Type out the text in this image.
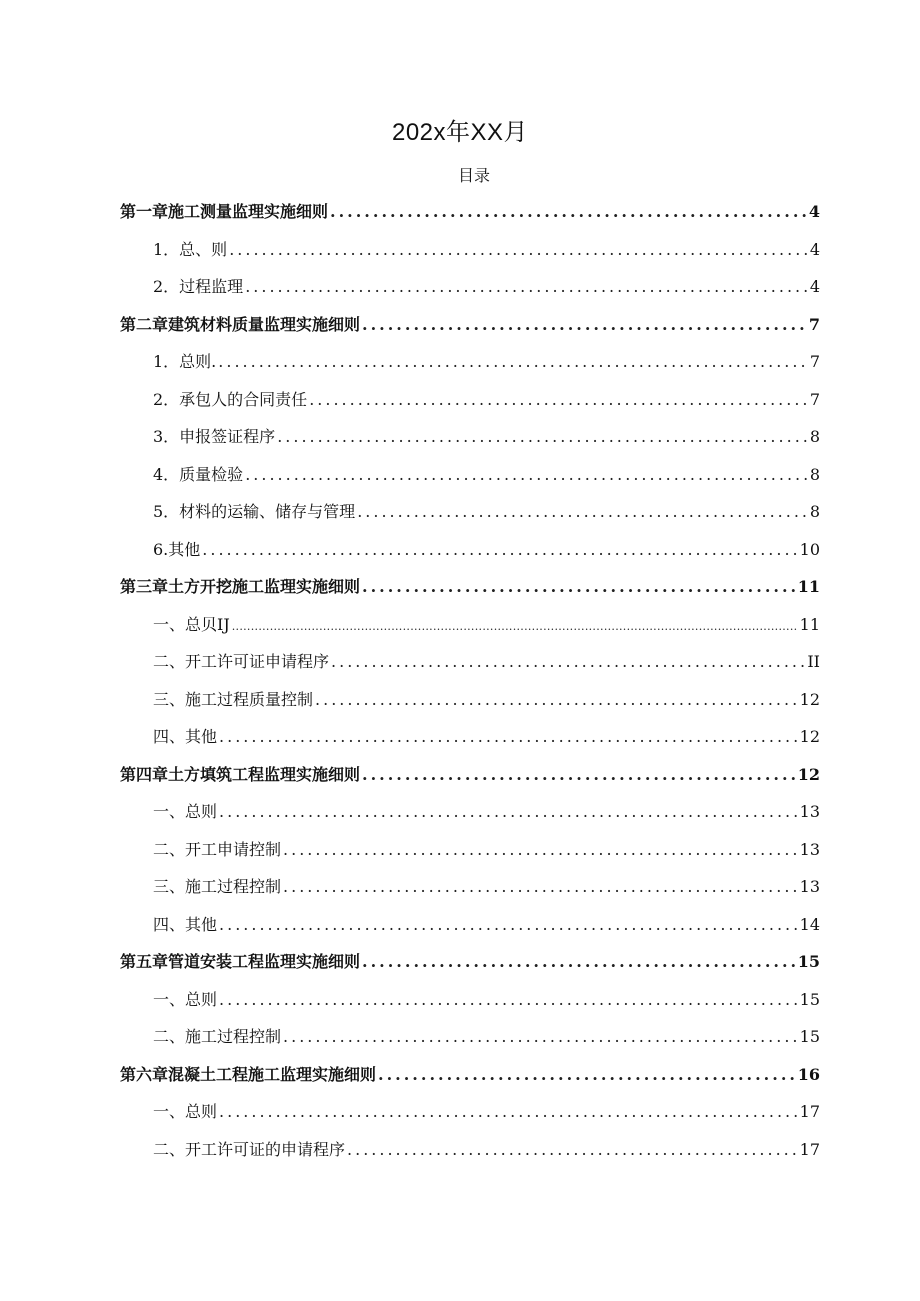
202x年XX月
目录
第一章施工测量监理实施细则 .....	4
1．总、则 .....	4
2．过程监理 .....	4
第二章建筑材料质量监理实施细则 .....	7
1．总则. .....	7
2．承包人的合同责任 .....	7
3．申报签证程序 .....	8
4．质量检验 .....	8
5．材料的运输、储存与管理 .....	8
6.其他 .....	10
第三章土方开挖施工监理实施细则 .....	11
一、总贝IJ .....	11
二、开工许可证申请程序 .....	II
三、施工过程质量控制 .....	12
四、其他 .....	12
第四章土方填筑工程监理实施细则 .....	12
一、总则 .....	13
二、开工申请控制 .....	13
三、施工过程控制 .....	13
四、其他 .....	14
第五章管道安装工程监理实施细则 .....	15
一、总则 .....	15
二、施工过程控制 .....	15
第六章混凝土工程施工监理实施细则 .....	16
一、总则 .....	17
二、开工许可证的申请程序 .....	17
